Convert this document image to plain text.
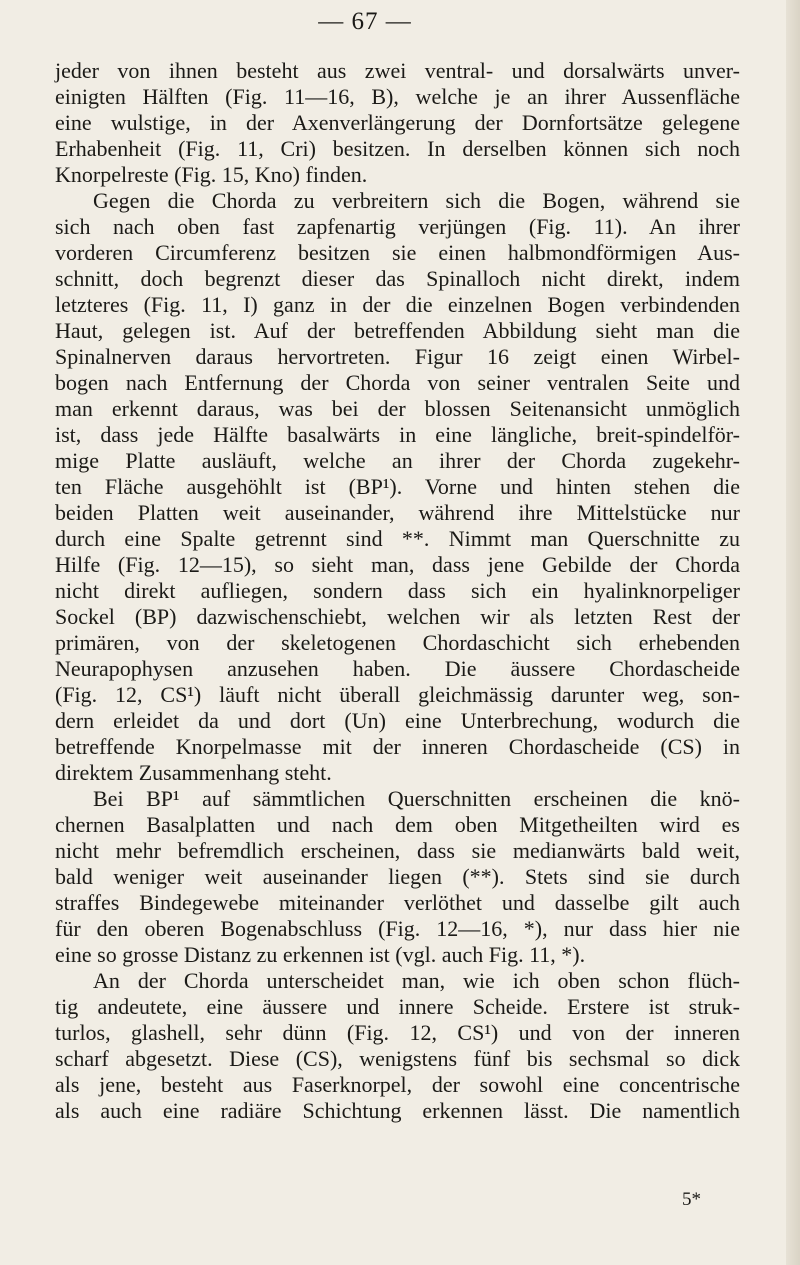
— 67 —
jeder von ihnen besteht aus zwei ventral- und dorsalwärts unver-
einigten Hälften (Fig. 11—16, B), welche je an ihrer Aussenfläche
eine wulstige, in der Axenverlängerung der Dornfortsätze gelegene
Erhabenheit (Fig. 11, Cri) besitzen. In derselben können sich noch
Knorpelreste (Fig. 15, Kno) finden.
Gegen die Chorda zu verbreitern sich die Bogen, während sie
sich nach oben fast zapfenartig verjüngen (Fig. 11). An ihrer
vorderen Circumferenz besitzen sie einen halbmondförmigen Aus-
schnitt, doch begrenzt dieser das Spinalloch nicht direkt, indem
letzteres (Fig. 11, I) ganz in der die einzelnen Bogen verbindenden
Haut, gelegen ist. Auf der betreffenden Abbildung sieht man die
Spinalnerven daraus hervortreten. Figur 16 zeigt einen Wirbel-
bogen nach Entfernung der Chorda von seiner ventralen Seite und
man erkennt daraus, was bei der blossen Seitenansicht unmöglich
ist, dass jede Hälfte basalwärts in eine längliche, breit-spindelför-
mige Platte ausläuft, welche an ihrer der Chorda zugekehr-
ten Fläche ausgehöhlt ist (BP¹). Vorne und hinten stehen die
beiden Platten weit auseinander, während ihre Mittelstücke nur
durch eine Spalte getrennt sind **. Nimmt man Querschnitte zu
Hilfe (Fig. 12—15), so sieht man, dass jene Gebilde der Chorda
nicht direkt aufliegen, sondern dass sich ein hyalinknorpeliger
Sockel (BP) dazwischenschiebt, welchen wir als letzten Rest der
primären, von der skeletogenen Chordaschicht sich erhebenden
Neurapophysen anzusehen haben. Die äussere Chordascheide
(Fig. 12, CS¹) läuft nicht überall gleichmässig darunter weg, son-
dern erleidet da und dort (Un) eine Unterbrechung, wodurch die
betreffende Knorpelmasse mit der inneren Chordascheide (CS) in
direktem Zusammenhang steht.
Bei BP¹ auf sämmtlichen Querschnitten erscheinen die knö-
chernen Basalplatten und nach dem oben Mitgetheilten wird es
nicht mehr befremdlich erscheinen, dass sie medianwärts bald weit,
bald weniger weit auseinander liegen (**). Stets sind sie durch
straffes Bindegewebe miteinander verlöthet und dasselbe gilt auch
für den oberen Bogenabschluss (Fig. 12—16, *), nur dass hier nie
eine so grosse Distanz zu erkennen ist (vgl. auch Fig. 11, *).
An der Chorda unterscheidet man, wie ich oben schon flüch-
tig andeutete, eine äussere und innere Scheide. Erstere ist struk-
turlos, glashell, sehr dünn (Fig. 12, CS¹) und von der inneren
scharf abgesetzt. Diese (CS), wenigstens fünf bis sechsmal so dick
als jene, besteht aus Faserknorpel, der sowohl eine concentrische
als auch eine radiäre Schichtung erkennen lässt. Die namentlich
5*
